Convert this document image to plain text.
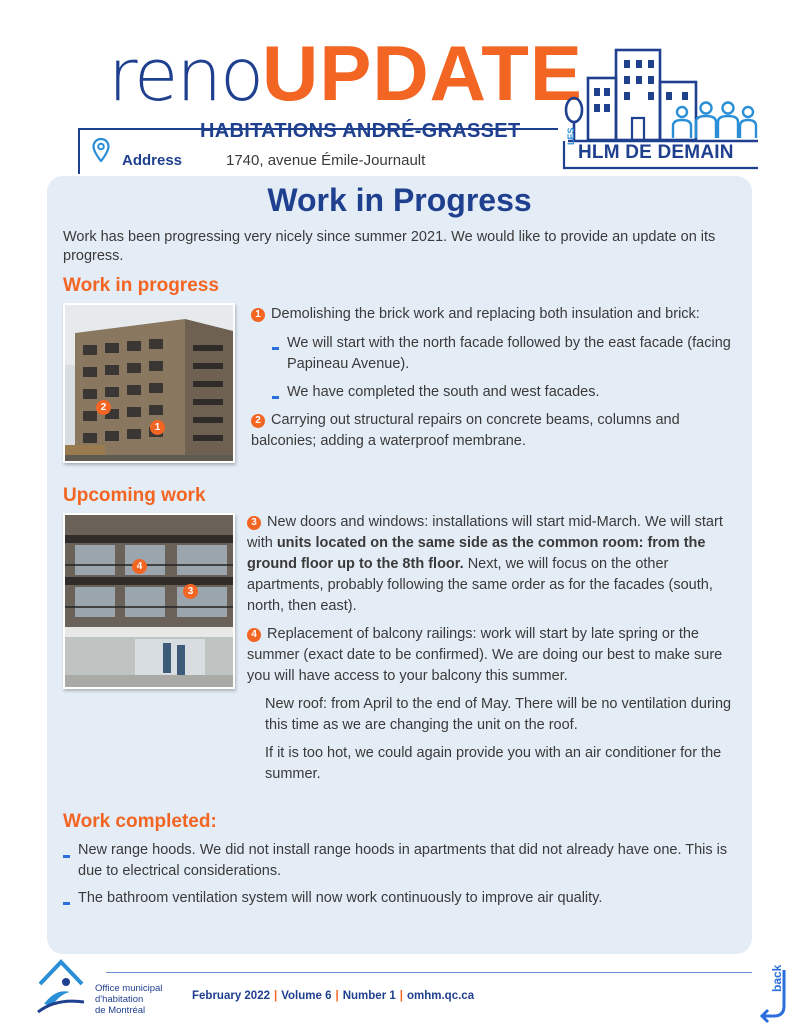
renoUPDATE
HABITATIONS ANDRÉ-GRASSET
Address	1740, avenue Émile-Journault
LES
HLM DE DEMAIN
Work in Progress
Work has been progressing very nicely since summer 2021. We would like to provide an update on its progress.
Work in progress
2
1
1 Demolishing the brick work and replacing both insulation and brick:
We will start with the north facade followed by the east facade (facing Papineau Avenue).
We have completed the south and west facades.
2 Carrying out structural repairs on concrete beams, columns and balconies; adding a waterproof membrane.
Upcoming work
4
3
3 New doors and windows: installations will start mid-March. We will start with units located on the same side as the common room: from the ground floor up to the 8th floor. Next, we will focus on the other apartments, probably following the same order as for the facades (south, north, then east).
4 Replacement of balcony railings: work will start by late spring or the summer (exact date to be confirmed). We are doing our best to make sure you will have access to your balcony this summer.
New roof: from April to the end of May. There will be no ventilation during this time as we are changing the unit on the roof.
If it is too hot, we could again provide you with an air conditioner for the summer.
Work completed:
New range hoods. We did not install range hoods in apartments that did not already have one. This is due to electrical considerations.
The bathroom ventilation system will now work continuously to improve air quality.
Office municipal
d'habitation
de Montréal
February 2022 | Volume 6 | Number 1 | omhm.qc.ca
back
